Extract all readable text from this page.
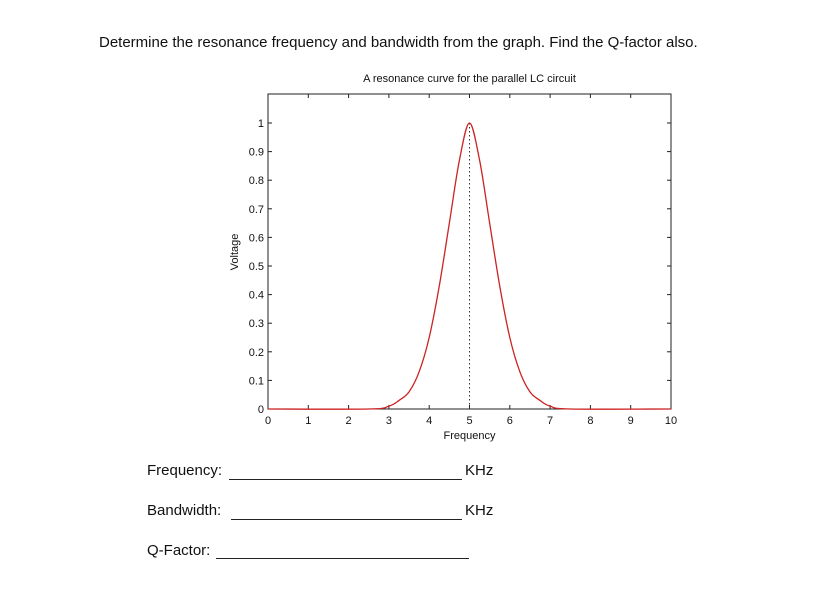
Determine the resonance frequency and bandwidth from the graph. Find the Q-factor also.
A resonance curve for the parallel LC circuit
0	1	2	3	4	5	6	7	8	9	10
0
0.1
0.2
0.3
0.4
0.5
0.6
0.7
0.8
0.9
1
Frequency
Voltage
Frequency:	KHz
Bandwidth:	KHz
Q-Factor:
